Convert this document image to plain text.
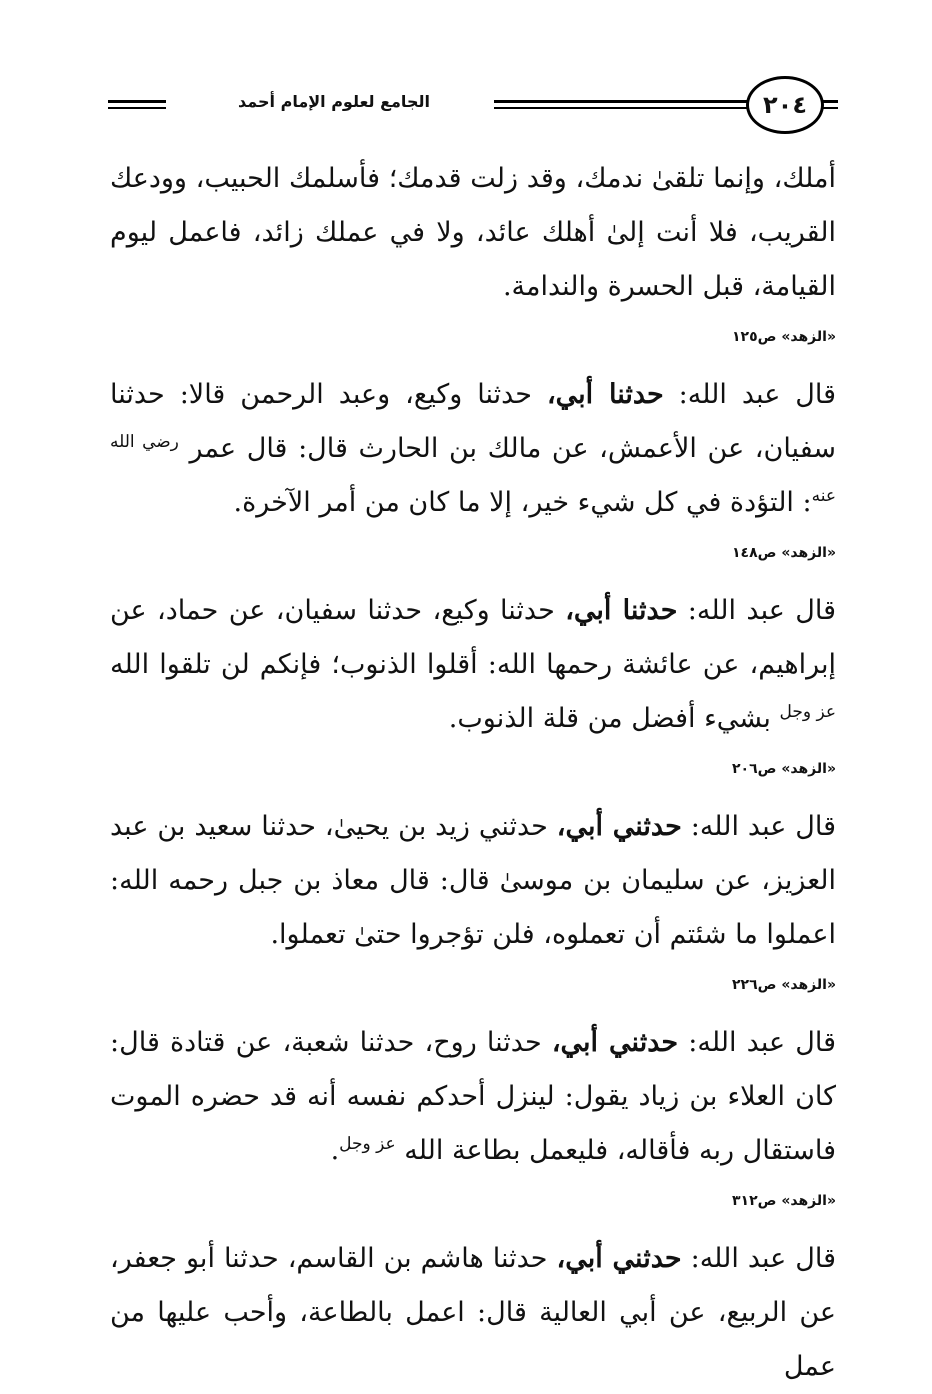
٢٠٤
الجامع لعلوم الإمام أحمد

أملك، وإنما تلقىٰ ندمك، وقد زلت قدمك؛ فأسلمك الحبيب، وودعك القريب، فلا أنت إلىٰ أهلك عائد، ولا في عملك زائد، فاعمل ليوم القيامة، قبل الحسرة والندامة.

«الزهد» ص١٢٥

قال عبد الله: حدثنا أبي، حدثنا وكيع، وعبد الرحمن قالا: حدثنا سفيان، عن الأعمش، عن مالك بن الحارث قال: قال عمر $^{رضي الله عنه}$: التؤدة في كل شيء خير، إلا ما كان من أمر الآخرة.

«الزهد» ص١٤٨

قال عبد الله: حدثنا أبي، حدثنا وكيع، حدثنا سفيان، عن حماد، عن إبراهيم، عن عائشة رحمها الله: أقلوا الذنوب؛ فإنكم لن تلقوا الله $^{عز وجل}$ بشيء أفضل من قلة الذنوب.

«الزهد» ص٢٠٦

قال عبد الله: حدثني أبي، حدثني زيد بن يحيىٰ، حدثنا سعيد بن عبد العزيز، عن سليمان بن موسىٰ قال: قال معاذ بن جبل رحمه الله: اعملوا ما شئتم أن تعملوه، فلن تؤجروا حتىٰ تعملوا.

«الزهد» ص٢٢٦

قال عبد الله: حدثني أبي، حدثنا روح، حدثنا شعبة، عن قتادة قال: كان العلاء بن زياد يقول: لينزل أحدكم نفسه أنه قد حضره الموت فاستقال ربه فأقاله، فليعمل بطاعة الله $^{عز وجل}$.

«الزهد» ص٣١٢

قال عبد الله: حدثني أبي، حدثنا هاشم بن القاسم، حدثنا أبو جعفر، عن الربيع، عن أبي العالية قال: اعمل بالطاعة، وأحب عليها من عمل
